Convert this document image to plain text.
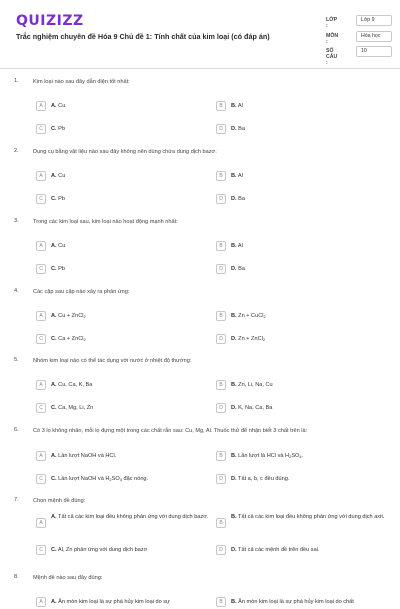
QUIZIZZ
Trắc nghiệm chuyên đề Hóa 9 Chủ đề 1: Tính chất của kim loại (có đáp án)
LỚP :
Lớp 9
MÔN :
Hóa học
SỐ CÂU :
10
1.	Kim loại nào sau đây dẫn điện tốt nhất:
A	A. Cu	B	B. Al
C	C. Pb	D	D. Ba
2.	Dụng cụ bằng vật liệu nào sau đây không nên dùng chứa dung dịch bazơ:
A	A. Cu	B	B. Al
C	C. Pb	D	D. Ba
3.	Trong các kim loại sau, kim loại nào hoạt động mạnh nhất:
A	A. Cu	B	B. Al
C	C. Pb	D	D. Ba
4.	Các cặp sau cặp nào xảy ra phản ứng:
A	A. Cu + ZnCl$_2$	B	B. Zn + CuCl$_2$
C	C. Ca + ZnCl$_2$	D	D. Zn + ZnCl$_2$
5.	Nhóm kim loại nào có thể tác dụng với nước ở nhiệt độ thường:
A	A. Cu, Ca, K, Ba	B	B. Zn, Li, Na, Cu
C	C. Ca, Mg, Li, Zn	D	D. K, Na, Ca, Ba
6.	Có 3 lọ không nhãn, mỗi lọ đựng một trong các chất rắn sau: Cu, Mg, Al. Thuốc thử để nhận biết 3 chất trên là:
A	A. Lần lượt NaOH và HCl.	B	B. Lần lượt là HCl và $H_2SO_4$.
C	C. Lần lượt NaOH và $H_2SO_4$ đặc nóng.	D	D. Tất a, b, c đều đúng.
7.	Chọn mệnh đề đúng:
A
A. Tất cả các kim loại đều không phản ứng với dung dịch bazơ.
B
B. Tất cả các kim loại đều không phản ứng với dung dịch axit.
C	C. Al, Zn phản ứng với dung dịch bazơ	D	D. Tất cả các mệnh đề trên đều sai.
8.	Mệnh đề nào sau đây đúng:
A	A. Ăn mòn kim loại là sự phá hủy kim loại do sự	B	B. Ăn mòn kim loại là sự phá hủy kim loại do chất
